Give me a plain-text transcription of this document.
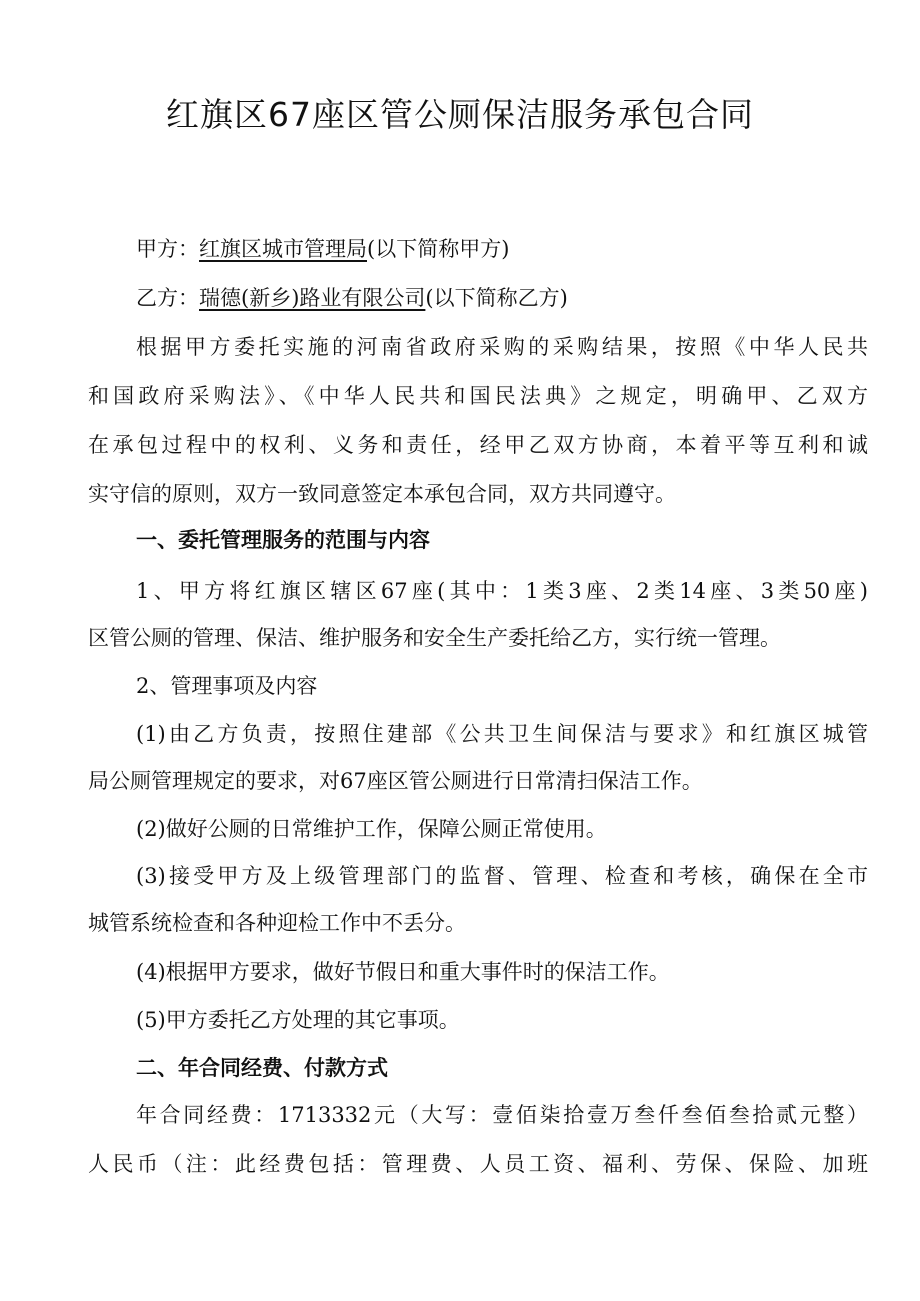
红旗区67座区管公厕保洁服务承包合同
甲方：红旗区城市管理局(以下简称甲方)
乙方：瑞德(新乡)路业有限公司(以下简称乙方)
根据甲方委托实施的河南省政府采购的采购结果，按照《中华人民共
和国政府采购法》、《中华人民共和国民法典》之规定，明确甲、乙双方
在承包过程中的权利、义务和责任，经甲乙双方协商，本着平等互利和诚
实守信的原则，双方一致同意签定本承包合同，双方共同遵守。
一、委托管理服务的范围与内容
1、甲方将红旗区辖区67座(其中：1类3座、2类14座、3类50座)
区管公厕的管理、保洁、维护服务和安全生产委托给乙方，实行统一管理。
2、管理事项及内容
(1)由乙方负责，按照住建部《公共卫生间保洁与要求》和红旗区城管
局公厕管理规定的要求，对67座区管公厕进行日常清扫保洁工作。
(2)做好公厕的日常维护工作，保障公厕正常使用。
(3)接受甲方及上级管理部门的监督、管理、检查和考核，确保在全市
城管系统检查和各种迎检工作中不丢分。
(4)根据甲方要求，做好节假日和重大事件时的保洁工作。
(5)甲方委托乙方处理的其它事项。
二、年合同经费、付款方式
年合同经费：1713332元（大写：壹佰柒拾壹万叁仟叁佰叁拾贰元整）
人民币（注：此经费包括：管理费、人员工资、福利、劳保、保险、加班
